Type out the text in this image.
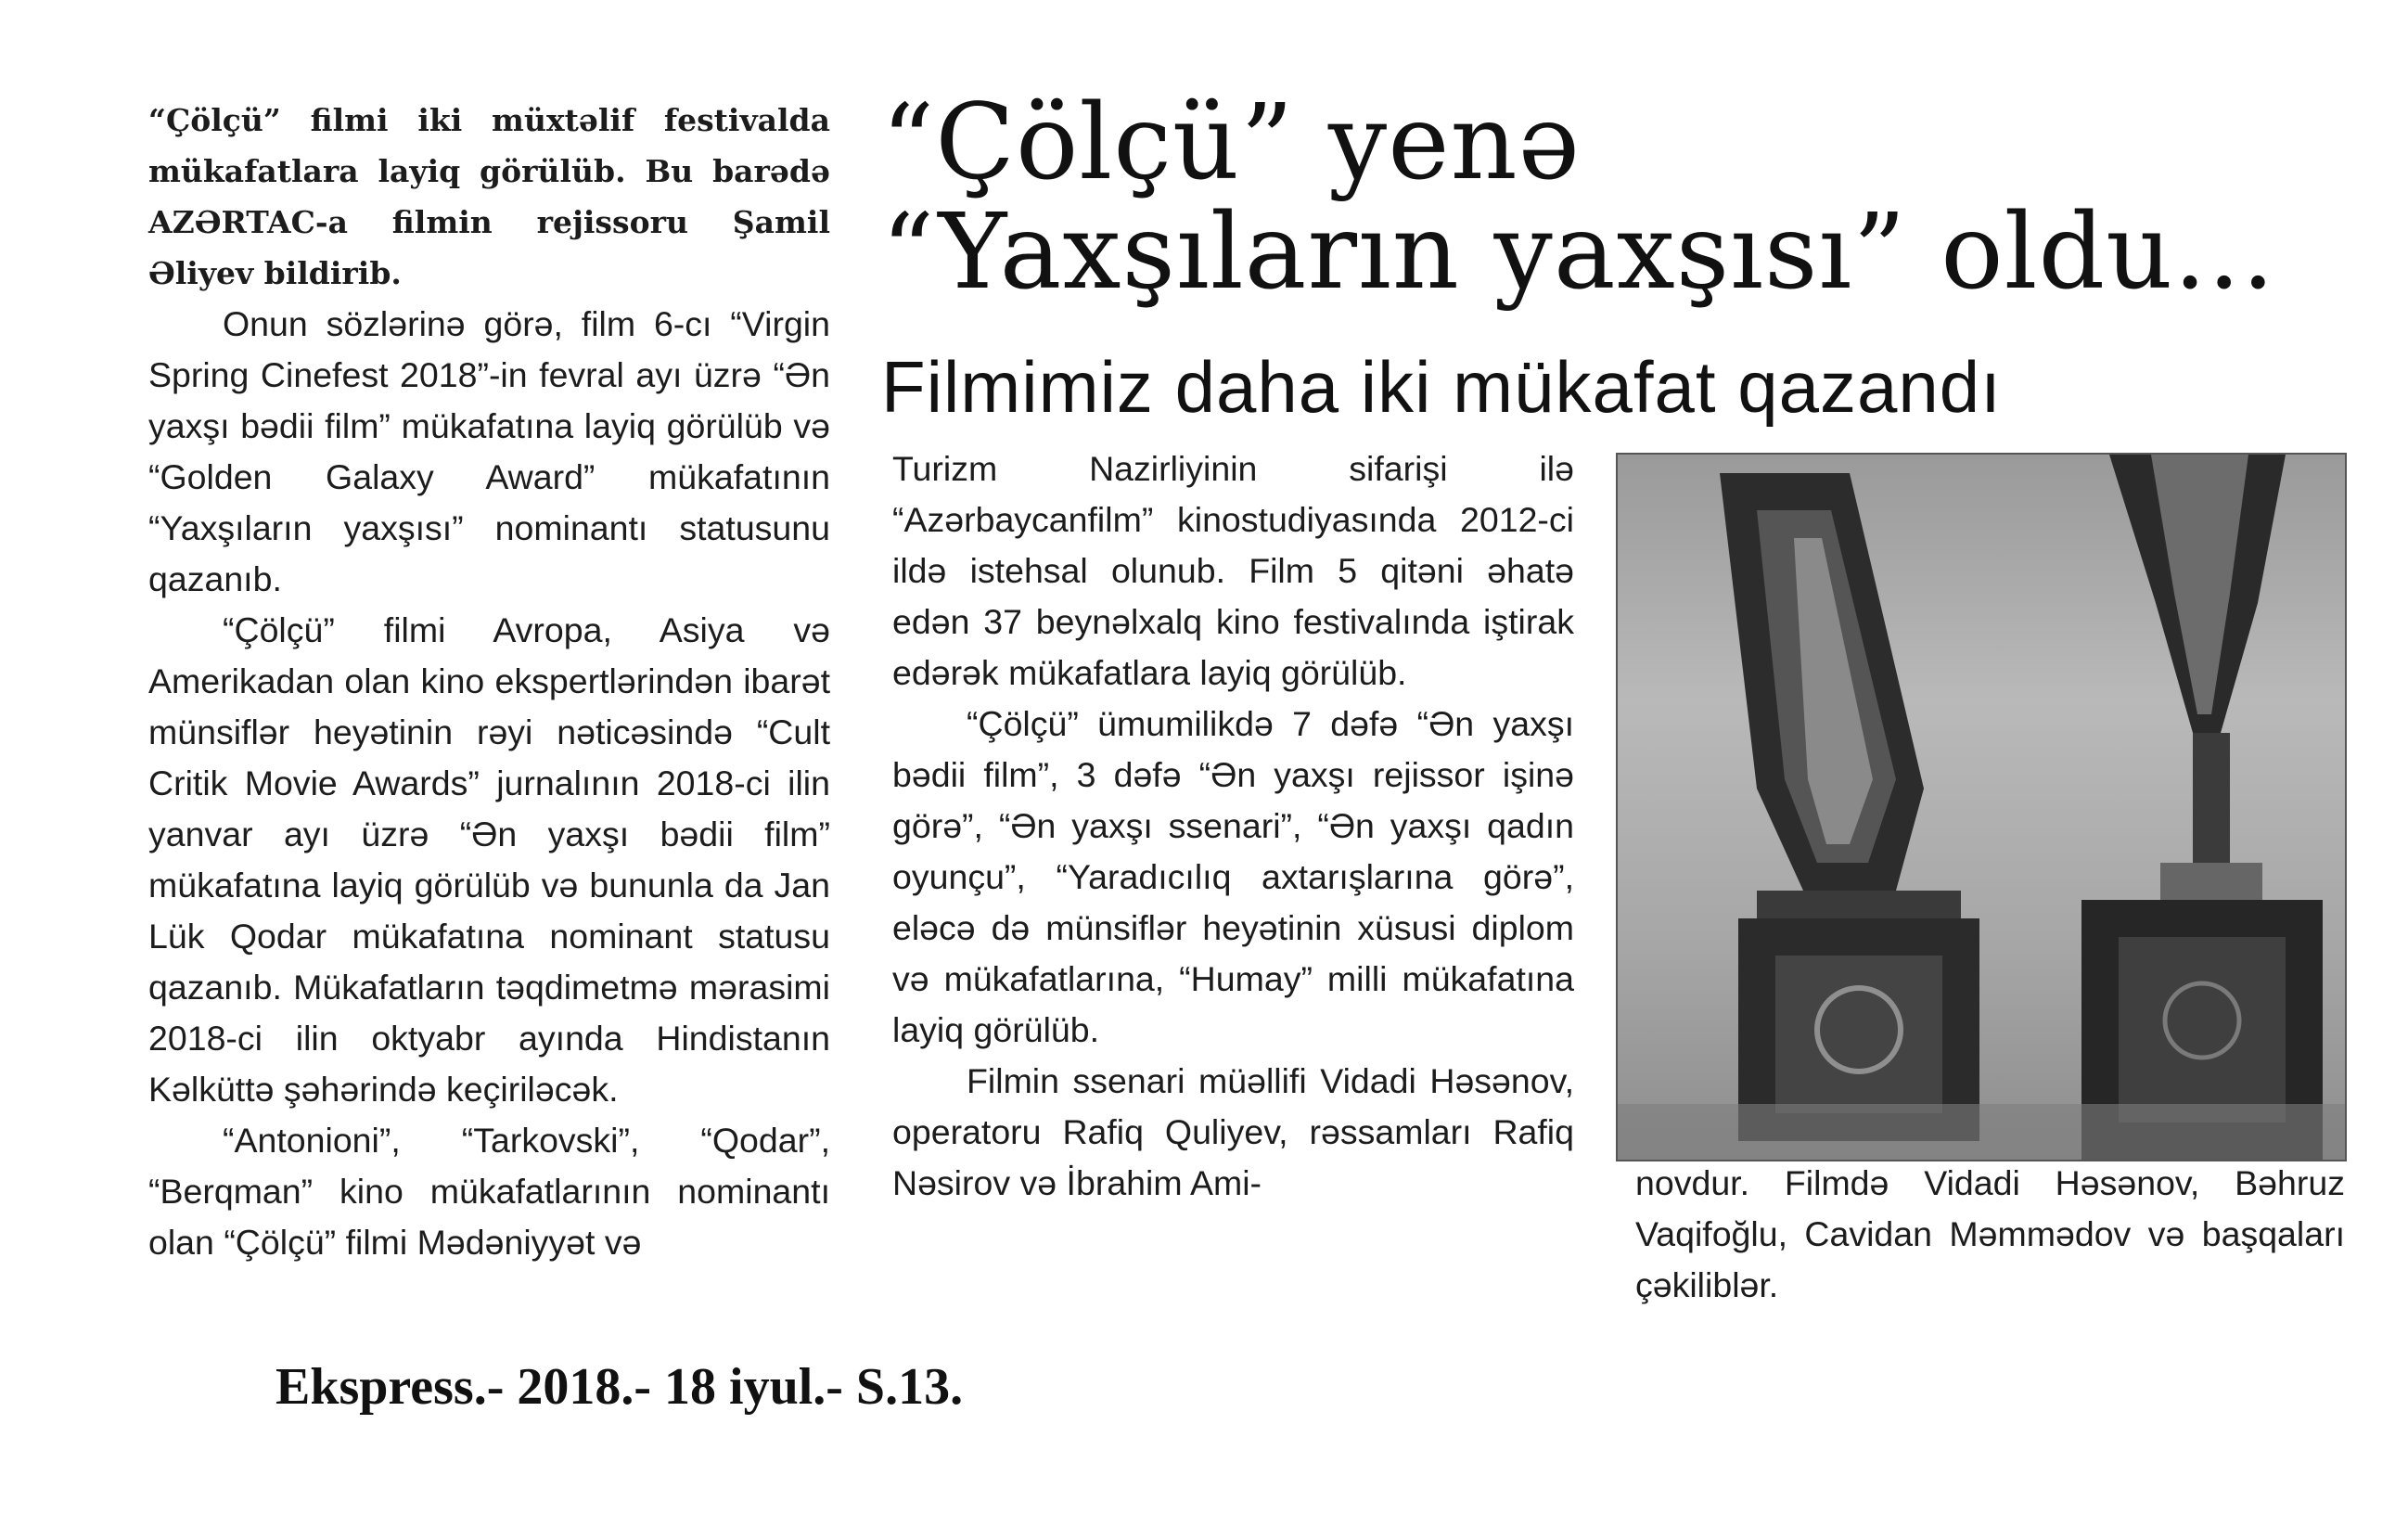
“Çölçü” yenə
“Yaxşıların yaxşısı” oldu...
Filmimiz daha iki mükafat qazandı

“Çölçü” filmi iki müxtəlif festivalda mükafatlara layiq görülüb. Bu barədə AZƏRTAC-a filmin rejissoru Şamil Əliyev bildirib.

Onun sözlərinə görə, film 6-cı “Virgin Spring Cinefest 2018”-in fevral ayı üzrə “Ən yaxşı bədii film” mükafatına layiq görülüb və “Golden Galaxy Award” mükafatının “Yaxşıların yaxşısı” nominantı statusunu qazanıb.

“Çölçü” filmi Avropa, Asiya və Amerikadan olan kino ekspertlərindən ibarət münsiflər heyətinin rəyi nəticəsində “Cult Critik Movie Awards” jurnalının 2018-ci ilin yanvar ayı üzrə “Ən yaxşı bədii film” mükafatına layiq görülüb və bununla da Jan Lük Qodar mükafatına nominant statusu qazanıb. Mükafatların təqdimetmə mərasimi 2018-ci ilin oktyabr ayında Hindistanın Kəlküttə şəhərində keçiriləcək.

“Antonioni”, “Tarkovski”, “Qodar”, “Berqman” kino mükafatlarının nominantı olan “Çölçü” filmi Mədəniyyət və

Turizm Nazirliyinin sifarişi ilə “Azərbaycanfilm” kinostudiyasında 2012-ci ildə istehsal olunub. Film 5 qitəni əhatə edən 37 beynəlxalq kino festivalında iştirak edərək mükafatlara layiq görülüb.

“Çölçü” ümumilikdə 7 dəfə “Ən yaxşı bədii film”, 3 dəfə “Ən yaxşı rejissor işinə görə”, “Ən yaxşı ssenari”, “Ən yaxşı qadın oyunçu”, “Yaradıcılıq axtarışlarına görə”, eləcə də münsiflər heyətinin xüsusi diplom və mükafatlarına, “Humay” milli mükafatına layiq görülüb.

Filmin ssenari müəllifi Vidadi Həsənov, operatoru Rafiq Quliyev, rəssamları Rafiq Nəsirov və İbrahim Ami-	novdur. Filmdə Vidadi Həsənov, Bəhruz Vaqifoğlu, Cavidan Məmmədov və başqaları çəkiliblər.

Ekspress.- 2018.- 18 iyul.- S.13.
